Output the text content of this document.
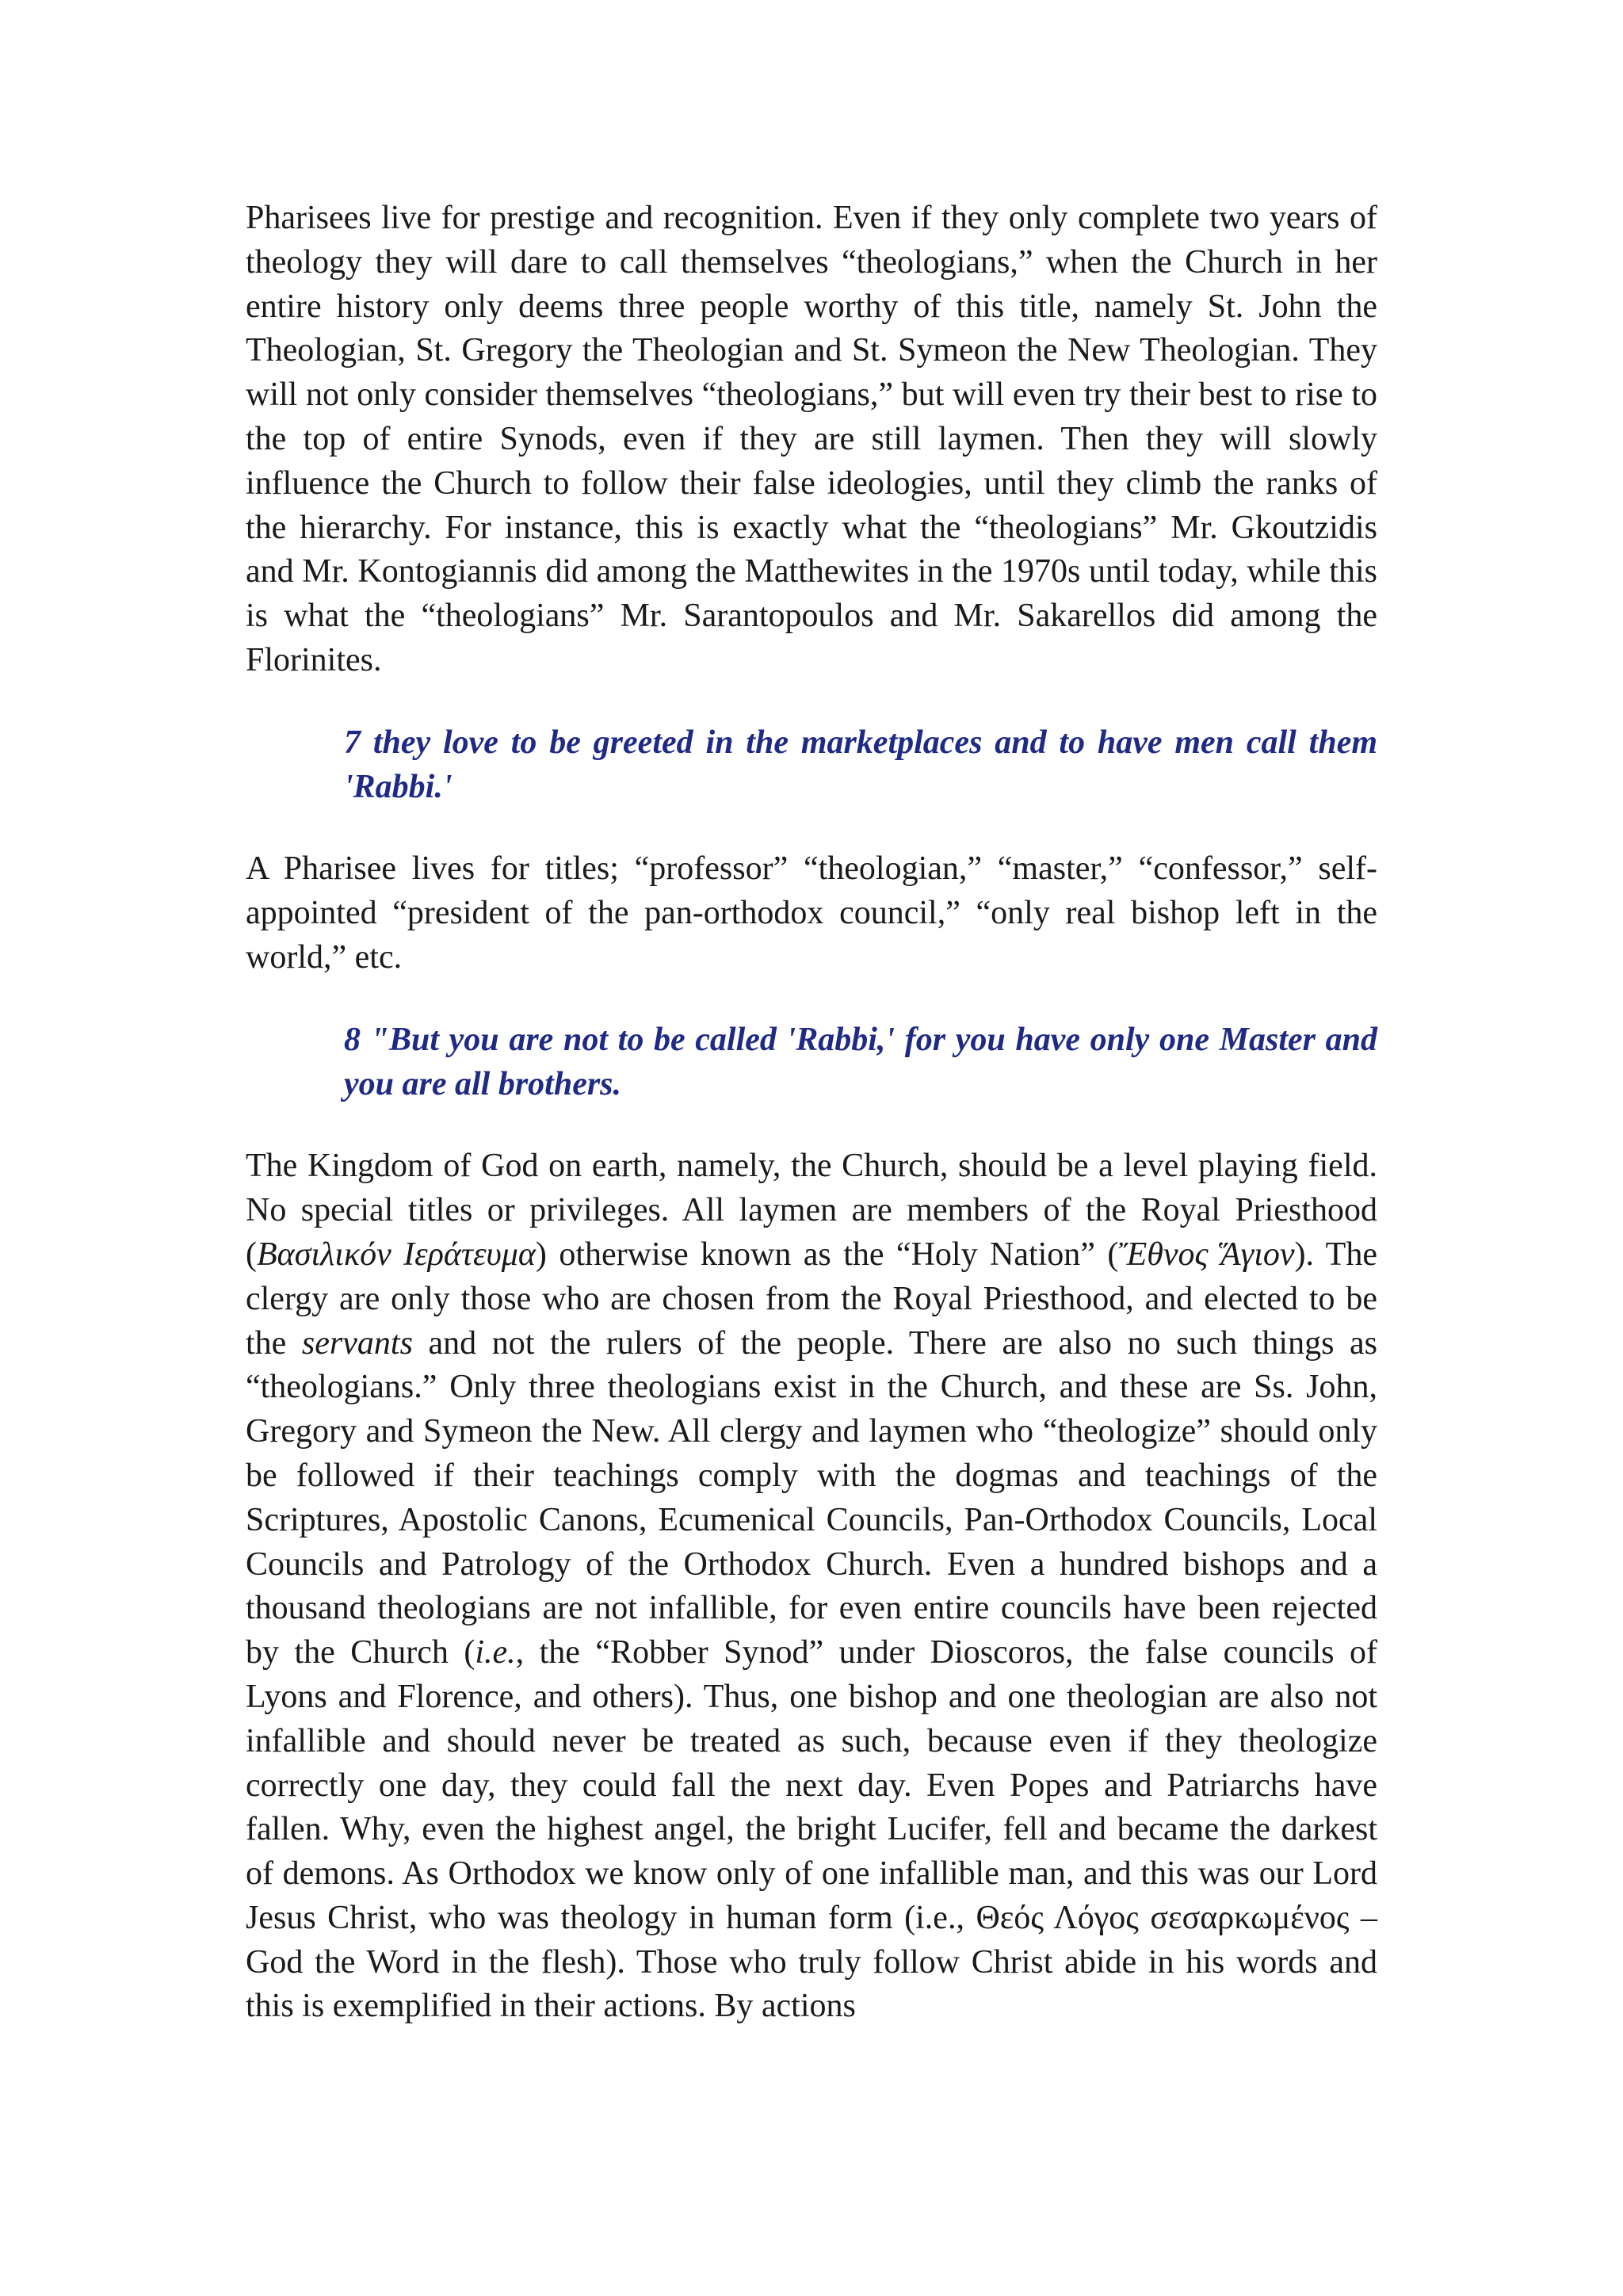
Pharisees live for prestige and recognition. Even if they only complete two years of theology they will dare to call themselves “theologians,” when the Church in her entire history only deems three people worthy of this title, namely St. John the Theologian, St. Gregory the Theologian and St. Symeon the New Theologian. They will not only consider themselves “theologians,” but will even try their best to rise to the top of entire Synods, even if they are still laymen. Then they will slowly influence the Church to follow their false ideologies, until they climb the ranks of the hierarchy. For instance, this is exactly what the “theologians” Mr. Gkoutzidis and Mr. Kontogiannis did among the Matthewites in the 1970s until today, while this is what the “theologians” Mr. Sarantopoulos and Mr. Sakarellos did among the Florinites.

7 they love to be greeted in the marketplaces and to have men call them 'Rabbi.'

A Pharisee lives for titles; “professor” “theologian,” “master,” “confessor,” self-appointed “president of the pan-orthodox council,” “only real bishop left in the world,” etc.

8 "But you are not to be called 'Rabbi,' for you have only one Master and you are all brothers.

The Kingdom of God on earth, namely, the Church, should be a level playing field. No special titles or privileges. All laymen are members of the Royal Priesthood (Βασιλικόν Ιεράτευμα) otherwise known as the “Holy Nation” (Ἔθνος Ἅγιον). The clergy are only those who are chosen from the Royal Priesthood, and elected to be the servants and not the rulers of the people. There are also no such things as “theologians.” Only three theologians exist in the Church, and these are Ss. John, Gregory and Symeon the New. All clergy and laymen who “theologize” should only be followed if their teachings comply with the dogmas and teachings of the Scriptures, Apostolic Canons, Ecumenical Councils, Pan-Orthodox Councils, Local Councils and Patrology of the Orthodox Church. Even a hundred bishops and a thousand theologians are not infallible, for even entire councils have been rejected by the Church (i.e., the “Robber Synod” under Dioscoros, the false councils of Lyons and Florence, and others). Thus, one bishop and one theologian are also not infallible and should never be treated as such, because even if they theologize correctly one day, they could fall the next day. Even Popes and Patriarchs have fallen. Why, even the highest angel, the bright Lucifer, fell and became the darkest of demons. As Orthodox we know only of one infallible man, and this was our Lord Jesus Christ, who was theology in human form (i.e., Θεός Λόγος σεσαρκωμένος – God the Word in the flesh). Those who truly follow Christ abide in his words and this is exemplified in their actions. By actions
